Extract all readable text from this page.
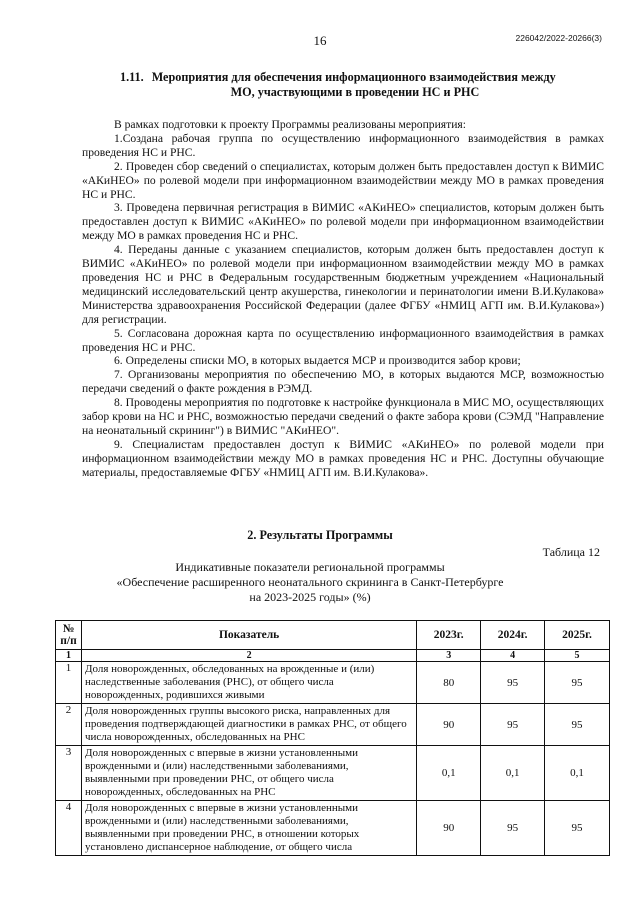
16	226042/2022-20266(3)
1.11. Мероприятия для обеспечения информационного взаимодействия между
МО, участвующими в проведении НС и РНС

В рамках подготовки к проекту Программы реализованы мероприятия:

1.Создана рабочая группа по осуществлению информационного взаимодействия в рамках проведения НС и РНС.

2. Проведен сбор сведений о специалистах, которым должен быть предоставлен доступ к ВИМИС «АКиНЕО» по ролевой модели при информационном взаимодействии между МО в рамках проведения НС и РНС.

3. Проведена первичная регистрация в ВИМИС «АКиНЕО» специалистов, которым должен быть предоставлен доступ к ВИМИС «АКиНЕО» по ролевой модели при информационном взаимодействии между МО в рамках проведения НС и РНС.

4. Переданы данные с указанием специалистов, которым должен быть предоставлен доступ к ВИМИС «АКиНЕО» по ролевой модели при информационном взаимодействии между МО в рамках проведения НС и РНС в Федеральным государственным бюджетным учреждением «Национальный медицинский исследовательский центр акушерства, гинекологии и перинатологии имени В.И.Кулакова» Министерства здравоохранения Российской Федерации (далее ФГБУ «НМИЦ АГП им. В.И.Кулакова») для регистрации.

5. Согласована дорожная карта по осуществлению информационного взаимодействия в рамках проведения НС и РНС.

6. Определены списки МО, в которых выдается МСР и производится забор крови;

7. Организованы мероприятия по обеспечению МО, в которых выдаются МСР, возможностью передачи сведений о факте рождения в РЭМД.

8. Проводены мероприятия по подготовке к настройке функционала в МИС МО, осуществляющих забор крови на НС и РНС, возможностью передачи сведений о факте забора крови (СЭМД "Направление на неонатальный скрининг") в ВИМИС "АКиНЕО".

9. Специалистам предоставлен доступ к ВИМИС «АКиНЕО» по ролевой модели при информационном взаимодействии между МО в рамках проведения НС и РНС. Доступны обучающие материалы, предоставляемые ФГБУ «НМИЦ АГП им. В.И.Кулакова».

2. Результаты Программы
Таблица 12
Индикативные показатели региональной программы
«Обеспечение расширенного неонатального скрининга в Санкт-Петербурге
на 2023-2025 годы» (%)
№ п/п	Показатель	2023г.	2024г.	2025г.
1	2	3	4	5
1	Доля новорожденных, обследованных на врожденные и (или) наследственные заболевания (РНС), от общего числа новорожденных, родившихся живыми	80	95	95
2	Доля новорожденных группы высокого риска, направленных для проведения подтверждающей диагностики в рамках РНС, от общего числа новорожденных, обследованных на РНС	90	95	95
3	Доля новорожденных с впервые в жизни установленными врожденными и (или) наследственными заболеваниями, выявленными при проведении РНС, от общего числа новорожденных, обследованных на РНС	0,1	0,1	0,1
4	Доля новорожденных с впервые в жизни установленными врожденными и (или) наследственными заболеваниями, выявленными при проведении РНС, в отношении которых установлено диспансерное наблюдение, от общего числа	90	95	95
